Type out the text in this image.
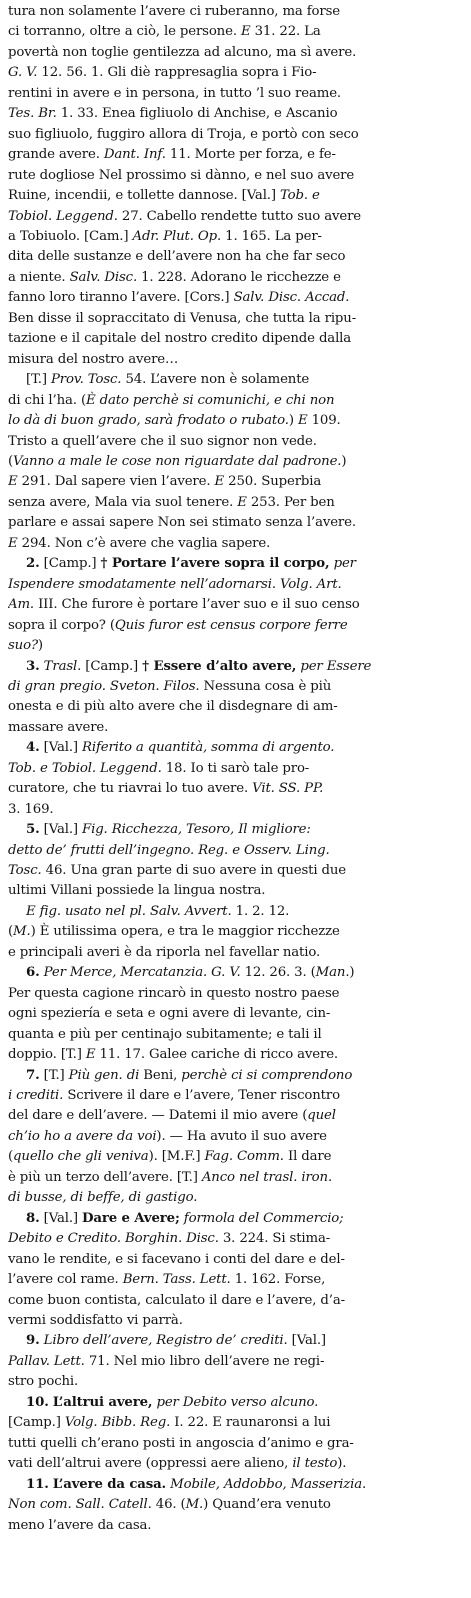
tura non solamente l’avere ci ruberanno, ma forse
ci torranno, oltre a ciò, le persone. E 31. 22. La
povertà non toglie gentilezza ad alcuno, ma sì avere.
G. V. 12. 56. 1. Gli diè rappresaglia sopra i Fio-
rentini in avere e in persona, in tutto ’l suo reame.
Tes. Br. 1. 33. Enea figliuolo di Anchise, e Ascanio
suo figliuolo, fuggiro allora di Troja, e portò con seco
grande avere. Dant. Inf. 11. Morte per forza, e fe-
rute dogliose Nel prossimo si dànno, e nel suo avere
Ruine, incendii, e tollette dannose. [Val.] Tob. e
Tobiol. Leggend. 27. Cabello rendette tutto suo avere
a Tobiuolo. [Cam.] Adr. Plut. Op. 1. 165. La per-
dita delle sustanze e dell’avere non ha che far seco
a niente. Salv. Disc. 1. 228. Adorano le ricchezze e
fanno loro tiranno l’avere. [Cors.] Salv. Disc. Accad.
Ben disse il sopraccitato di Venusa, che tutta la ripu-
tazione e il capitale del nostro credito dipende dalla
misura del nostro avere…
[T.] Prov. Tosc. 54. L’avere non è solamente
di chi l’ha. (È dato perchè si comunichi, e chi non
lo dà di buon grado, sarà frodato o rubato.) E 109.
Tristo a quell’avere che il suo signor non vede.
(Vanno a male le cose non riguardate dal padrone.)
E 291. Dal sapere vien l’avere. E 250. Superbia
senza avere, Mala via suol tenere. E 253. Per ben
parlare e assai sapere Non sei stimato senza l’avere.
E 294. Non c’è avere che vaglia sapere.
2. [Camp.] † Portare l’avere sopra il corpo, per
Ispendere smodatamente nell’adornarsi. Volg. Art.
Am. III. Che furore è portare l’aver suo e il suo censo
sopra il corpo? (Quis furor est census corpore ferre
suo?)
3. Trasl. [Camp.] † Essere d’alto avere, per Essere
di gran pregio. Sveton. Filos. Nessuna cosa è più
onesta e di più alto avere che il disdegnare di am-
massare avere.
4. [Val.] Riferito a quantità, somma di argento.
Tob. e Tobiol. Leggend. 18. Io ti sarò tale pro-
curatore, che tu riavrai lo tuo avere. Vit. SS. PP.
3. 169.
5. [Val.] Fig. Ricchezza, Tesoro, Il migliore:
detto de’ frutti dell’ingegno. Reg. e Osserv. Ling.
Tosc. 46. Una gran parte di suo avere in questi due
ultimi Villani possiede la lingua nostra.
E fig. usato nel pl. Salv. Avvert. 1. 2. 12.
(M.) È utilissima opera, e tra le maggior ricchezze
e principali averi è da riporla nel favellar natio.
6. Per Merce, Mercatanzia. G. V. 12. 26. 3. (Man.)
Per questa cagione rincarò in questo nostro paese
ogni speziería e seta e ogni avere di levante, cin-
quanta e più per centinajo subitamente; e tali il
doppio. [T.] E 11. 17. Galee cariche di ricco avere.
7. [T.] Più gen. di Beni, perchè ci si comprendono
i crediti. Scrivere il dare e l’avere, Tener riscontro
del dare e dell’avere. — Datemi il mio avere (quel
ch’io ho a avere da voi). — Ha avuto il suo avere
(quello che gli veniva). [M.F.] Fag. Comm. Il dare
è più un terzo dell’avere. [T.] Anco nel trasl. iron.
di busse, di beffe, di gastigo.
8. [Val.] Dare e Avere; formola del Commercio;
Debito e Credito. Borghin. Disc. 3. 224. Si stima-
vano le rendite, e si facevano i conti del dare e del-
l’avere col rame. Bern. Tass. Lett. 1. 162. Forse,
come buon contista, calculato il dare e l’avere, d’a-
vermi soddisfatto vi parrà.
9. Libro dell’avere, Registro de’ crediti. [Val.]
Pallav. Lett. 71. Nel mio libro dell’avere ne regi-
stro pochi.
10. L’altrui avere, per Debito verso alcuno.
[Camp.] Volg. Bibb. Reg. I. 22. E raunaronsi a lui
tutti quelli ch’erano posti in angoscia d’animo e gra-
vati dell’altrui avere (oppressi aere alieno, il testo).
11. L’avere da casa. Mobile, Addobbo, Masserizia.
Non com. Sall. Catell. 46. (M.) Quand’era venuto
meno l’avere da casa.
